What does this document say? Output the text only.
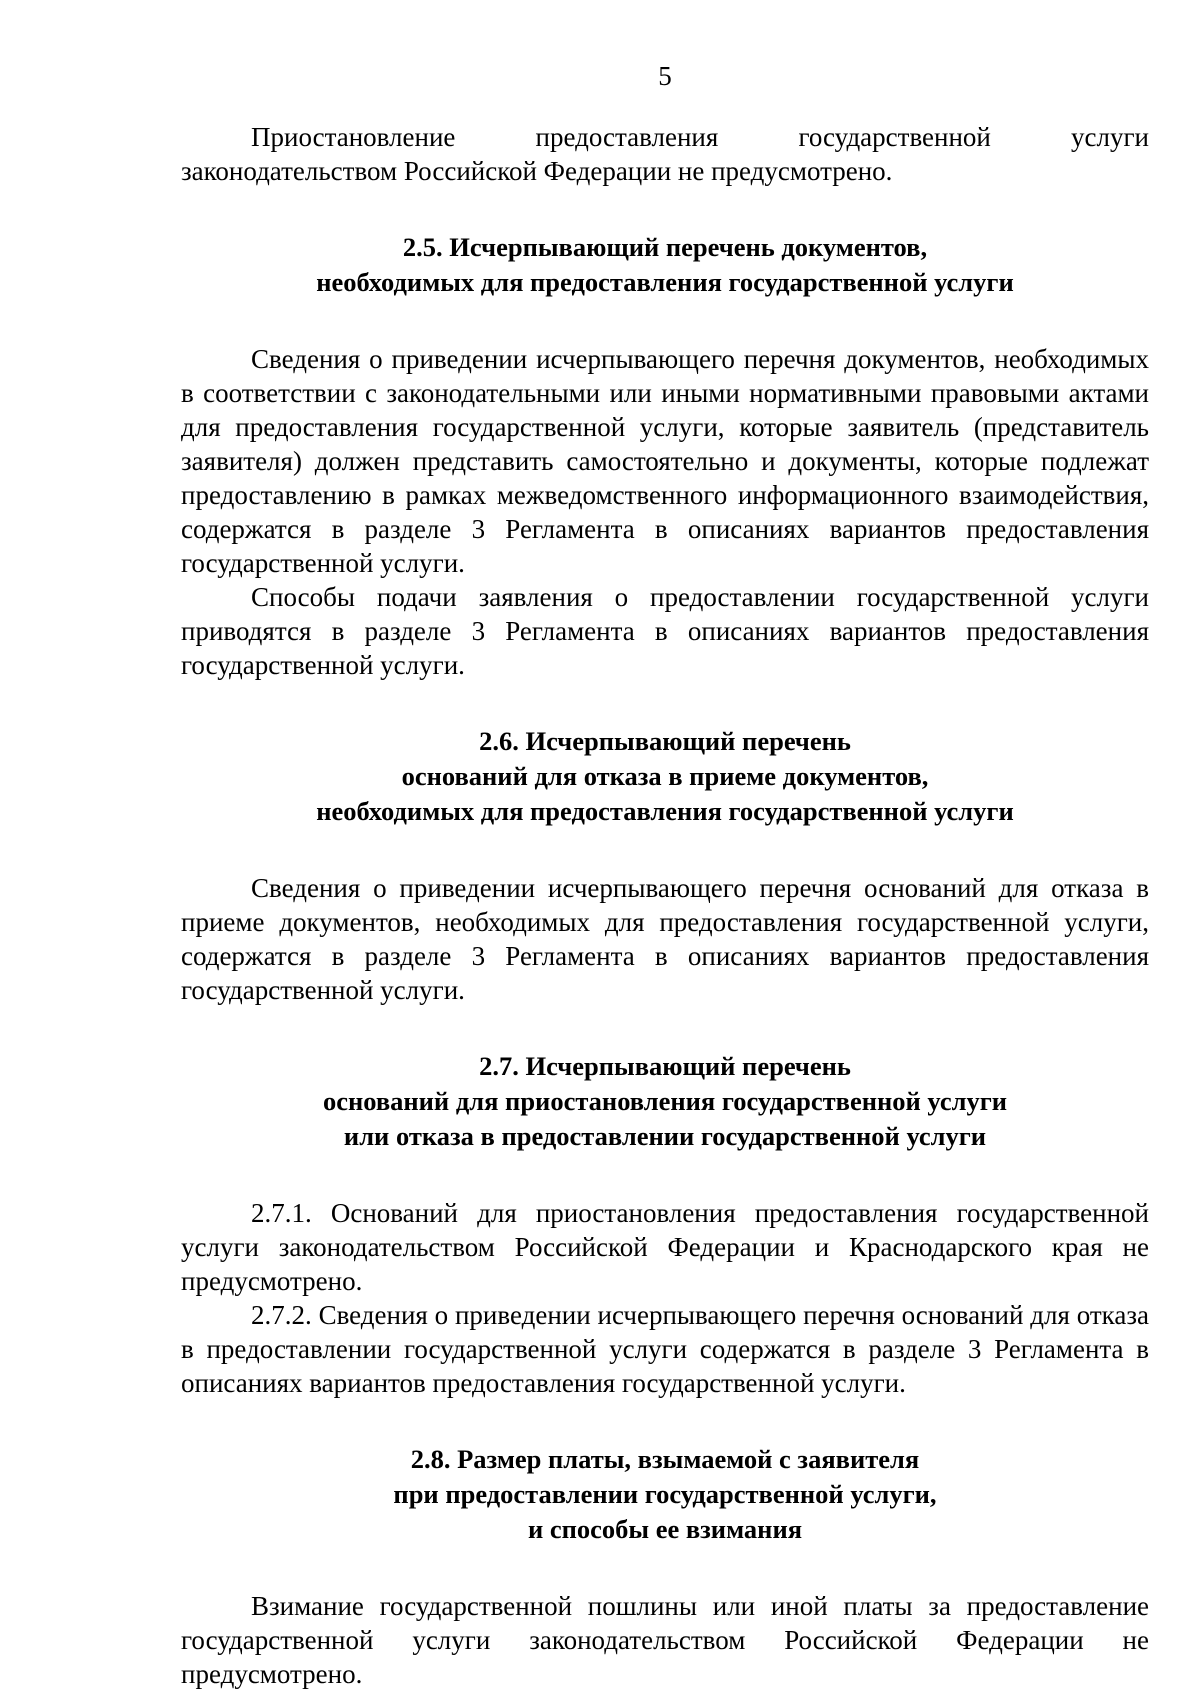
5

Приостановление предоставления государственной услуги законодательством Российской Федерации не предусмотрено.

2.5. Исчерпывающий перечень документов,
необходимых для предоставления государственной услуги

Сведения о приведении исчерпывающего перечня документов, необходимых в соответствии с законодательными или иными нормативными правовыми актами для предоставления государственной услуги, которые заявитель (представитель заявителя) должен представить самостоятельно и документы, которые подлежат предоставлению в рамках межведомственного информационного взаимодействия, содержатся в разделе 3 Регламента в описаниях вариантов предоставления государственной услуги.

Способы подачи заявления о предоставлении государственной услуги приводятся в разделе 3 Регламента в описаниях вариантов предоставления государственной услуги.

2.6. Исчерпывающий перечень
оснований для отказа в приеме документов,
необходимых для предоставления государственной услуги

Сведения о приведении исчерпывающего перечня оснований для отказа в приеме документов, необходимых для предоставления государственной услуги, содержатся в разделе 3 Регламента в описаниях вариантов предоставления государственной услуги.

2.7. Исчерпывающий перечень
оснований для приостановления государственной услуги
или отказа в предоставлении государственной услуги

2.7.1. Оснований для приостановления предоставления государственной услуги законодательством Российской Федерации и Краснодарского края не предусмотрено.

2.7.2. Сведения о приведении исчерпывающего перечня оснований для отказа в предоставлении государственной услуги содержатся в разделе 3 Регламента в описаниях вариантов предоставления государственной услуги.

2.8. Размер платы, взымаемой с заявителя
при предоставлении государственной услуги,
и способы ее взимания

Взимание государственной пошлины или иной платы за предоставление государственной услуги законодательством Российской Федерации не предусмотрено.
